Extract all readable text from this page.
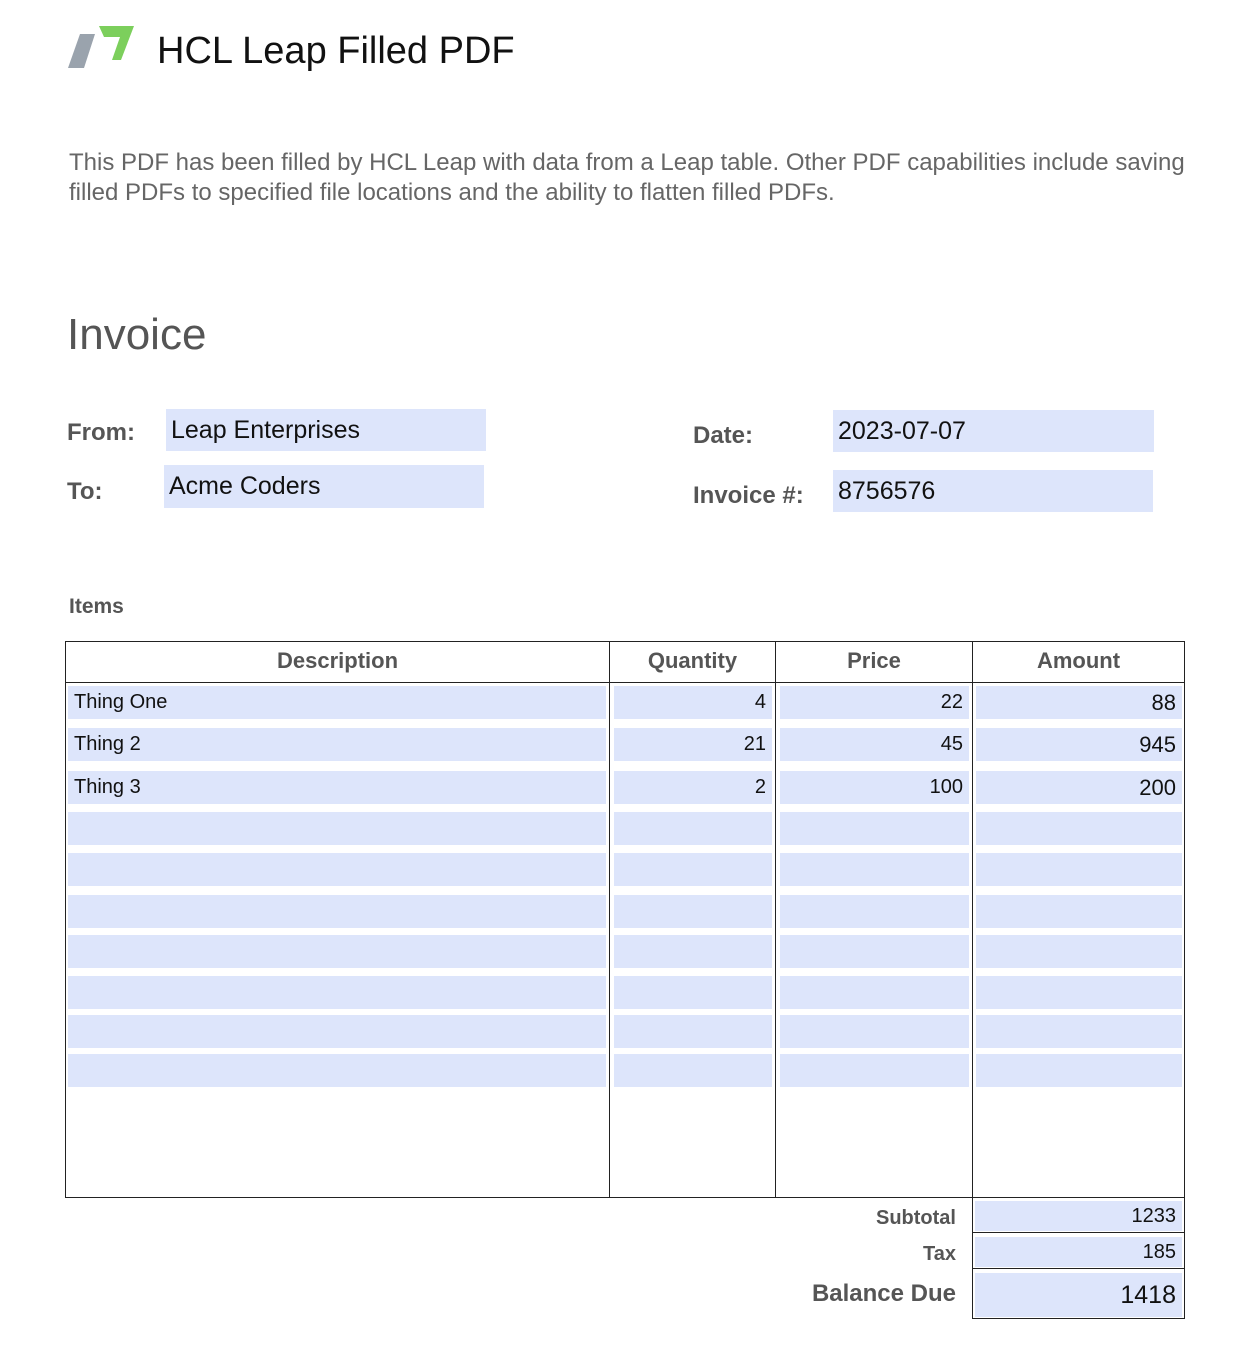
HCL Leap Filled PDF
This PDF has been filled by HCL Leap with data from a Leap table. Other PDF capabilities include saving filled PDFs to specified file locations and the ability to flatten filled PDFs.
Invoice
From: Leap Enterprises
To:	Acme Coders
Date:	2023-07-07
Invoice #: 8756576
Items
Description	Quantity	Price	Amount
Thing One	4	22	88
Thing 2	21	45	945
Thing 3	2	100	200
Subtotal	1233
Tax	185
Balance Due	1418
